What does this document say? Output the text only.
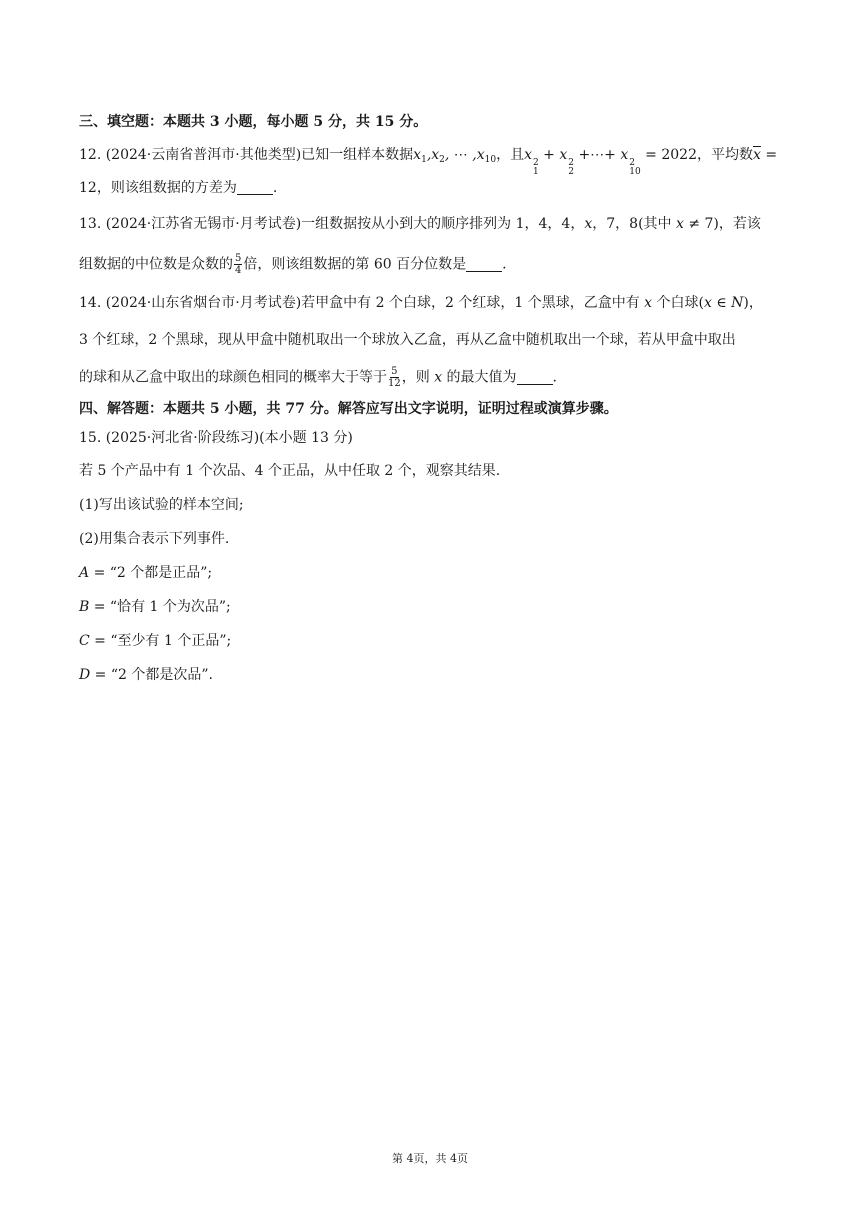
三、填空题：本题共 3 小题，每小题 5 分，共 15 分。
12. (2024·云南省普洱市·其他类型)已知一组样本数据$x_1,x_2$, ⋯ $,x_{10}$，且x 2
1
+ x 2
2
+⋯+ x 2
10
= 2022，平均数$\overline{x}$ =
12，则该组数据的方差为	.
13. (2024·江苏省无锡市·月考试卷)一组数据按从小到大的顺序排列为 1，4，4，x，7，8(其中 x ≠ 7)，若该
组数据的中位数是众数的 $\frac{5}{4}$ 倍，则该组数据的第 60 百分位数是	.
14. (2024·山东省烟台市·月考试卷)若甲盒中有 2 个白球，2 个红球，1 个黑球，乙盒中有 x 个白球(x ∈ N)，
3 个红球，2 个黑球，现从甲盒中随机取出一个球放入乙盒，再从乙盒中随机取出一个球，若从甲盒中取出
的球和从乙盒中取出的球颜色相同的概率大于等于 $\frac{5}{12}$ ，则 x 的最大值为	.
四、解答题：本题共 5 小题，共 77 分。解答应写出文字说明，证明过程或演算步骤。
15. (2025·河北省·阶段练习)(本小题 13 分)
若 5 个产品中有 1 个次品、4 个正品，从中任取 2 个，观察其结果.
(1)写出该试验的样本空间;
(2)用集合表示下列事件.
A = “2 个都是正品”;
B = “恰有 1 个为次品”;
C = “至少有 1 个正品”;
D = “2 个都是次品”.
第 4页，共 4页
